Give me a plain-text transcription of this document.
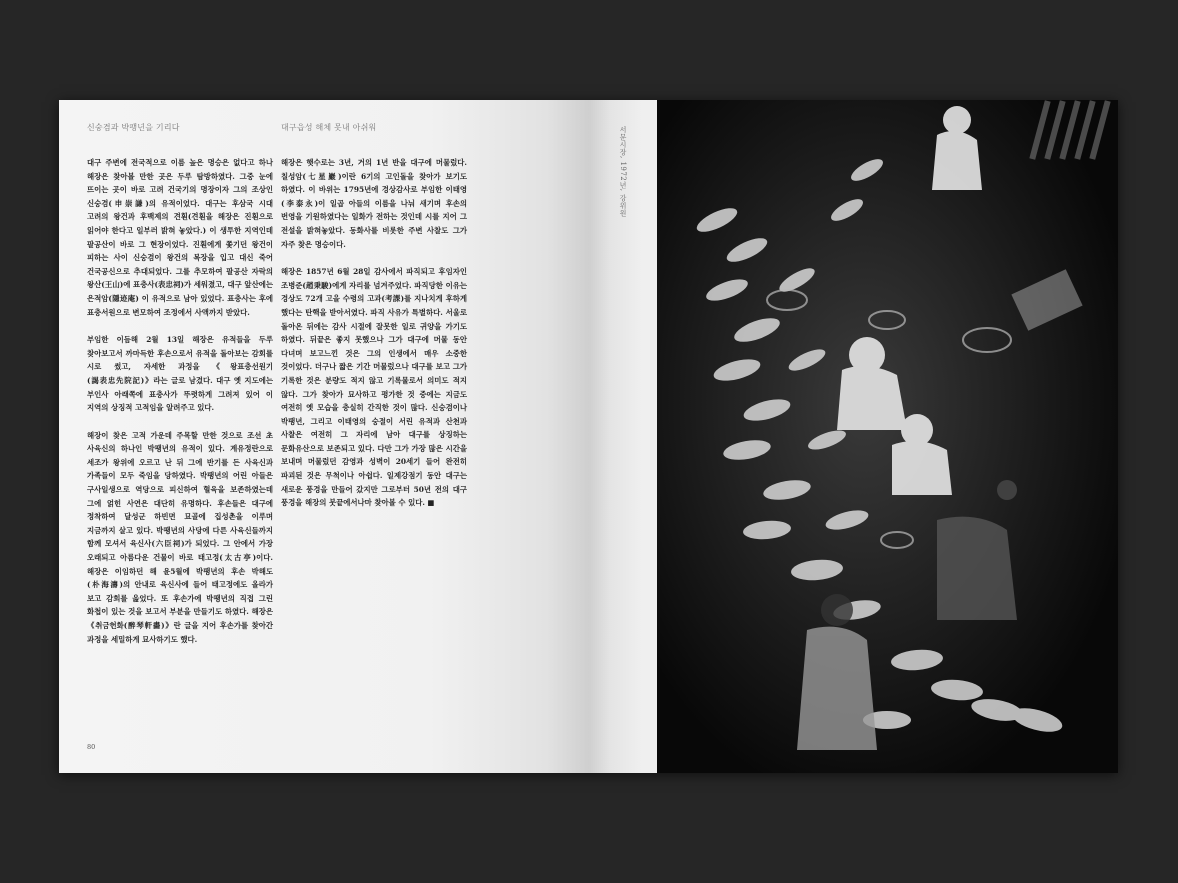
신숭겸과 박팽년을 기리다

대구 주변에 전국적으로 이름 높은 명승은 없다고 하나 해장은 찾아볼 만한 곳은 두루 탐방하였다. 그중 눈에 뜨이는 곳이 바로 고려 건국기의 명장이자 그의 조상인 신숭겸(申崇謙)의 유적이었다. 대구는 후삼국 시대 고려의 왕건과 후백제의 견훤(견훤을 해장은 진훤으로 읽어야 한다고 일부러 밝혀 놓았다.) 이 생투한 지역인데 팔공산이 바로 그 현장이었다. 진훤에게 쫓기던 왕건이 피하는 사이 신숭겸이 왕건의 복장을 입고 대신 죽어 건국공신으로 추대되었다. 그를 추모하여 팔공산 자락의 왕산(王山)에 표충사(表忠祠)가 세워졌고, 대구 앞산에는 은적암(隱迹庵) 이 유적으로 남아 있었다. 표충사는 후에 표충서원으로 변모하여 조정에서 사액까지 받았다.

부임한 이듬해 2월 13일 해장은 유적들을 두루 찾아보고서 까마득한 후손으로서 유적을 돌아보는 감회를 시로 썼고, 자세한 과정을 《왕표충선원기(謁表忠先院記)》라는 글로 남겼다. 대구 옛 지도에는 부인사 아래쪽에 표충사가 뚜렷하게 그려져 있어 이 지역의 상징적 고적임을 알려주고 있다.

해장이 찾은 고적 가운데 주목할 만한 것으로 조선 초 사육신의 하나인 박팽년의 유적이 있다. 계유정란으로 세조가 왕위에 오르고 난 뒤 그에 반기를 든 사육신과 가족들이 모두 죽임을 당하였다. 박팽년의 어린 아들은 구사일생으로 역당으로 피신하여 혈육을 보존하였는데 그에 얽힌 사연은 대단히 유명하다. 후손들은 대구에 정착하여 달성군 하빈면 묘골에 집성촌을 이루며 지금까지 살고 있다. 박팽년의 사당에 다른 사육신들까지 함께 모셔서 육신사(六臣祠)가 되었다. 그 안에서 가장 오래되고 아름다운 건물이 바로 태고정(太古亭)이다. 해장은 이임하던 해 윤5월에 박팽년의 후손 박해도(朴海濤)의 안내로 육신사에 들어 태고정에도 올라가 보고 감회를 읊었다. 또 후손가에 박팽년의 직접 그린 화첩이 있는 것을 보고서 부분을 만들기도 하였다. 해장은 《취금헌화(醉琴軒畵)》란 글을 지어 후손가를 찾아간 과정을 세밀하게 묘사하기도 했다.

대구읍성 해체 못내 아쉬워

해장은 햇수로는 3년, 거의 1년 반을 대구에 머물렀다. 칠성암(七星巖)이란 6기의 고인돌을 찾아가 보기도 하였다. 이 바위는 1795년에 경상감사로 부임한 이태영(李泰永)이 일곱 아들의 이름을 나눠 새기며 후손의 번영을 기원하였다는 일화가 전하는 것인데 시를 지어 그 전설을 밝혀놓았다. 동화사를 비롯한 주변 사찰도 그가 자주 찾은 명승이다.

해장은 1857년 6월 28일 감사에서 파직되고 후임자인 조병준(趙秉駿)에게 자리를 넘겨주었다. 파직당한 이유는 경상도 72개 고을 수령의 고과(考課)를 지나치게 후하게 했다는 탄핵을 받아서였다. 파직 사유가 특별하다. 서울로 돌아온 뒤에는 감사 시절에 잘못한 일로 귀양을 가기도 하였다. 뒤끝은 좋지 못했으나 그가 대구에 머물 동안 다녀며 보고느낀 것은 그의 인생에서 매우 소중한 것이었다. 더구나 짧은 기간 머물렀으나 대구를 보고 그가 기록한 것은 분량도 적지 않고 기록물로서 의미도 적지 않다. 그가 찾아가 묘사하고 평가한 것 중에는 지금도 여전히 옛 모습을 충실히 간직한 것이 많다. 신숭겸이나 박팽년, 그리고 이태영의 숭절이 서린 유적과 산천과 사찰은 여전히 그 자리에 남아 대구를 상징하는 문화유산으로 보존되고 있다. 다만 그가 가장 많은 시간을 보내며 머물렀던 감영과 성벽이 20세기 들어 완전히 파괴된 것은 무척이나 아쉽다. 일제강점기 동안 대구는 새로운 풍경을 만들어 갔지만 그로부터 50년 전의 대구 풍경을 해장의 붓끝에서나마 찾아볼 수 있다. ■

80
서문시장, 1972년, 강위원
